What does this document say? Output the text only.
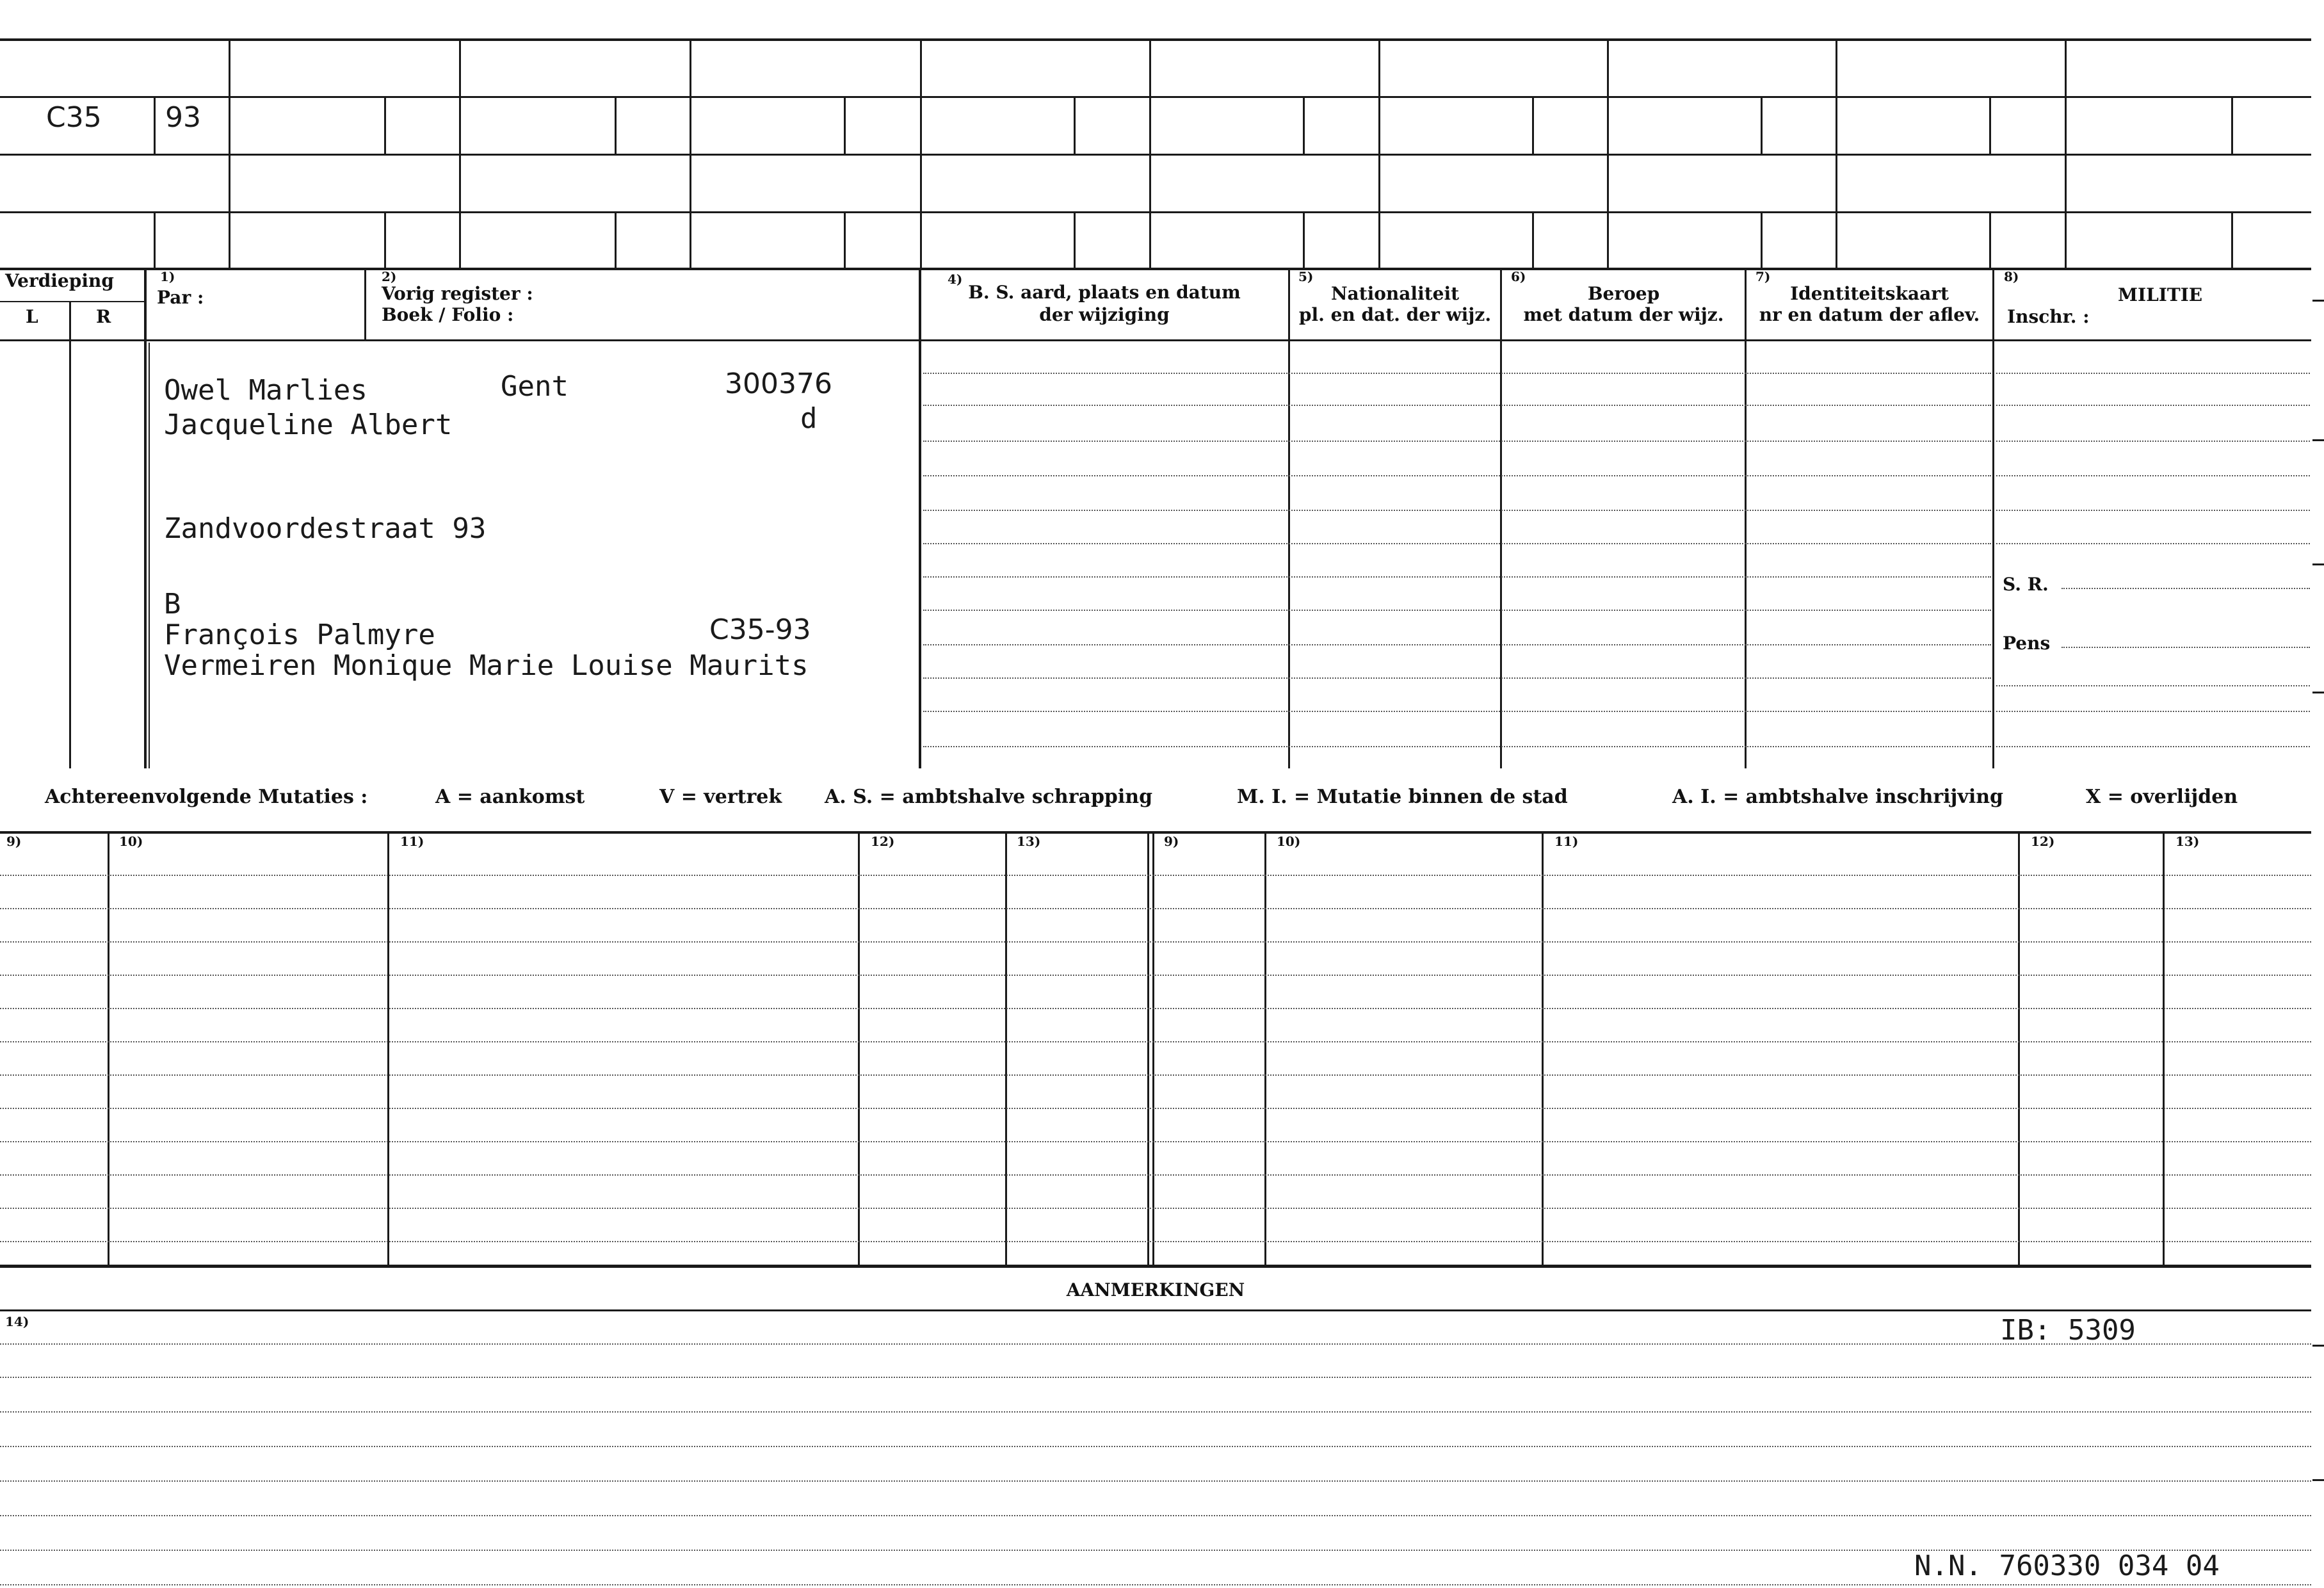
C35 93
Verdieping
L	R
1)
Par :
2)
Vorig register :
Boek / Folio :
4)
B. S. aard, plaats en datum
der wijziging
5)
Nationaliteit
pl. en dat. der wijz.
6)
Beroep
met datum der wijz.
7)
Identiteitskaart
nr en datum der aflev.
8)
MILITIE
Inschr. :
S. R.
Pens
Owel Marlies	Gent	300376
d
Jacqueline Albert
Zandvoordestraat 93
B
François Palmyre	C35-93
Vermeiren Monique Marie Louise Maurits
Achtereenvolgende Mutaties :	A = aankomst	V = vertrek A. S. = ambtshalve schrapping	M. I. = Mutatie binnen de stad	A. I. = ambtshalve inschrijving	X = overlijden
9)	10)	11)	12)	13)	9)	10)	11)	12)	13)
AANMERKINGEN
14)	IB: 5309
N.N. 760330 034 04
